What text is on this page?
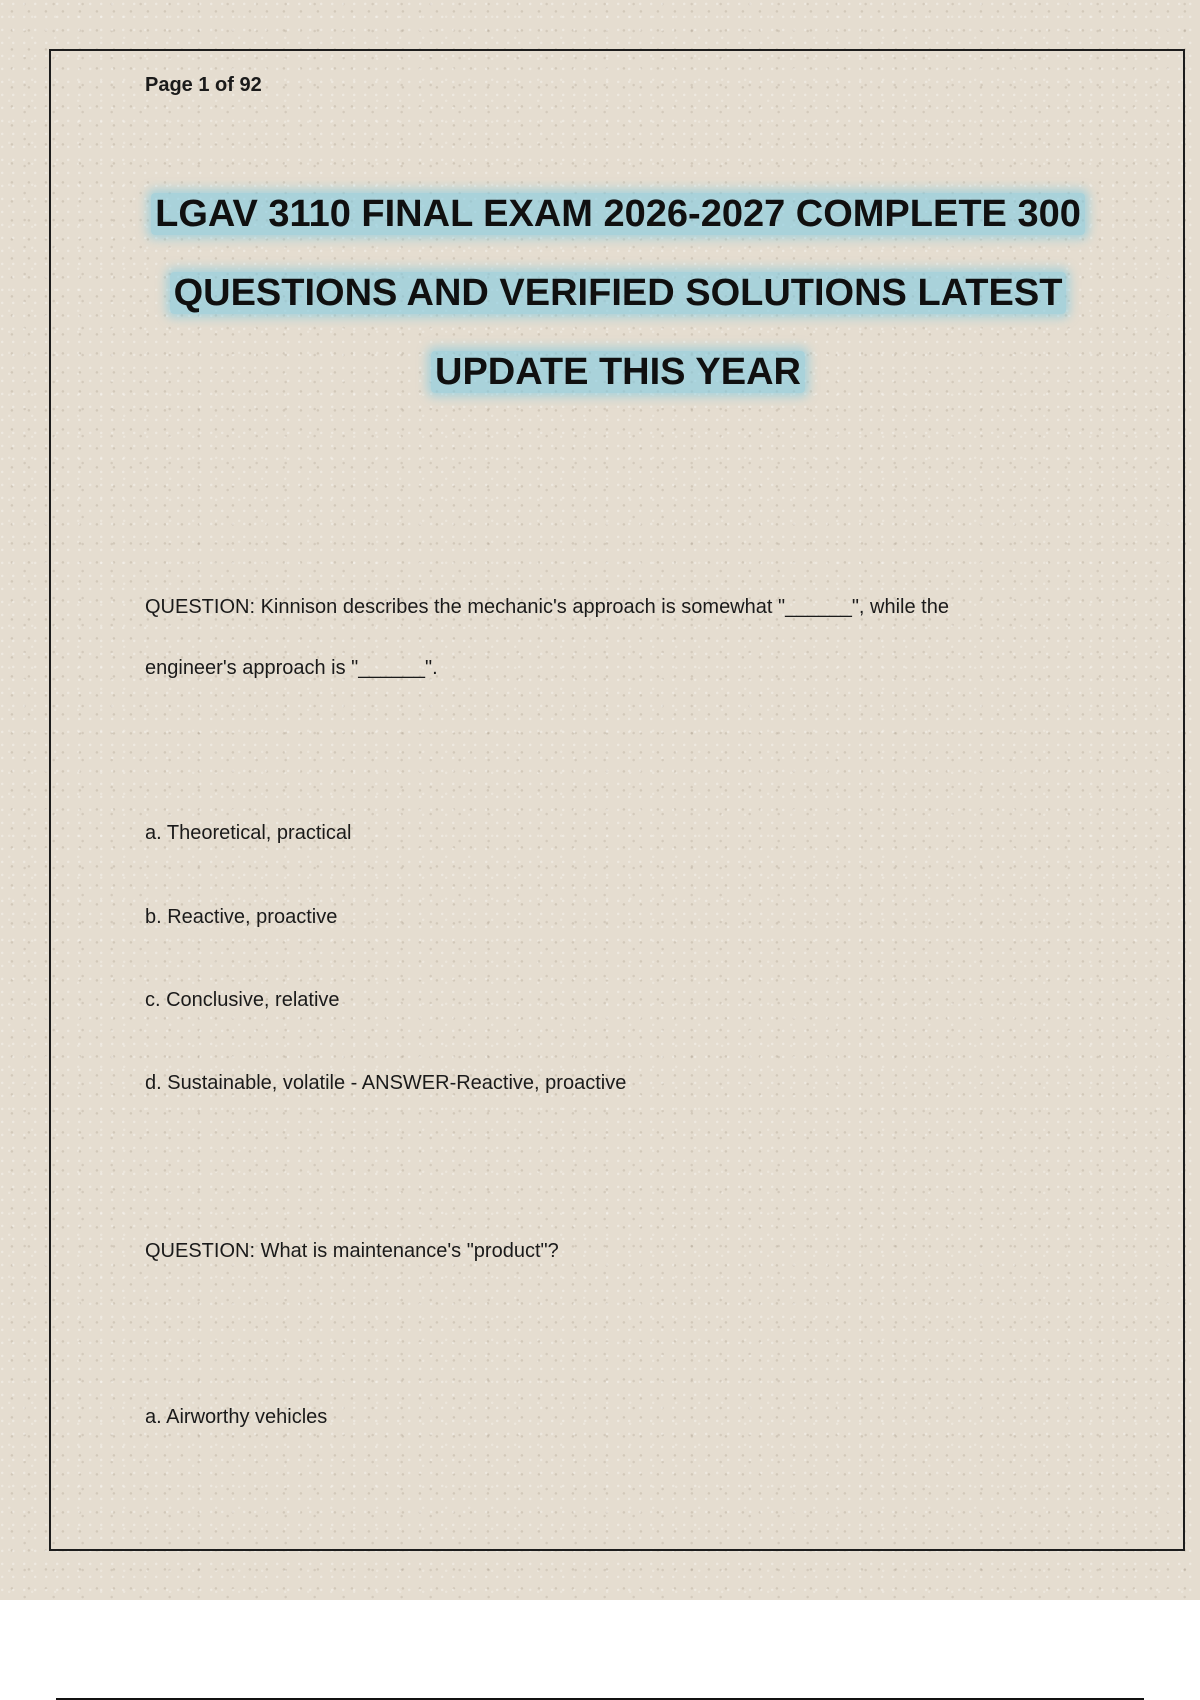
Page 1 of 92
LGAV 3110 FINAL EXAM 2026-2027 COMPLETE 300
QUESTIONS AND VERIFIED SOLUTIONS LATEST
UPDATE THIS YEAR
QUESTION: Kinnison describes the mechanic's approach is somewhat "______", while the
engineer's approach is "______".
a. Theoretical, practical
b. Reactive, proactive
c. Conclusive, relative
d. Sustainable, volatile - ANSWER-Reactive, proactive
QUESTION: What is maintenance's "product"?
a. Airworthy vehicles
